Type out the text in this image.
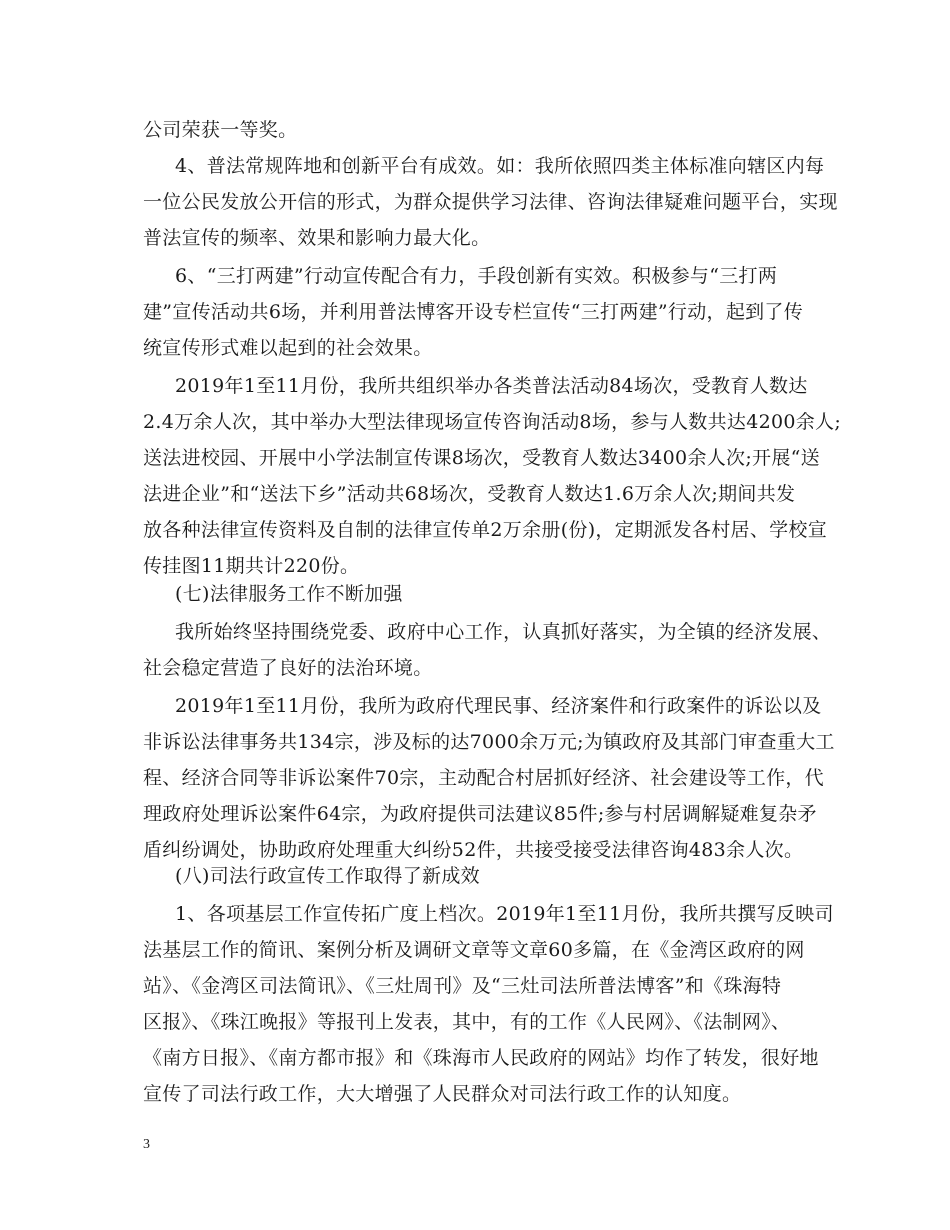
公司荣获一等奖。
4、普法常规阵地和创新平台有成效。如：我所依照四类主体标准向辖区内每
一位公民发放公开信的形式，为群众提供学习法律、咨询法律疑难问题平台，实现
普法宣传的频率、效果和影响力最大化。
6、“三打两建”行动宣传配合有力，手段创新有实效。积极参与“三打两
建”宣传活动共6场，并利用普法博客开设专栏宣传“三打两建”行动，起到了传
统宣传形式难以起到的社会效果。
2019年1至11月份，我所共组织举办各类普法活动84场次，受教育人数达
2.4万余人次，其中举办大型法律现场宣传咨询活动8场，参与人数共达4200余人;
送法进校园、开展中小学法制宣传课8场次，受教育人数达3400余人次;开展“送
法进企业”和“送法下乡”活动共68场次，受教育人数达1.6万余人次;期间共发
放各种法律宣传资料及自制的法律宣传单2万余册(份)，定期派发各村居、学校宣
传挂图11期共计220份。
(七)法律服务工作不断加强
我所始终坚持围绕党委、政府中心工作，认真抓好落实，为全镇的经济发展、
社会稳定营造了良好的法治环境。
2019年1至11月份，我所为政府代理民事、经济案件和行政案件的诉讼以及
非诉讼法律事务共134宗，涉及标的达7000余万元;为镇政府及其部门审查重大工
程、经济合同等非诉讼案件70宗，主动配合村居抓好经济、社会建设等工作，代
理政府处理诉讼案件64宗，为政府提供司法建议85件;参与村居调解疑难复杂矛
盾纠纷调处，协助政府处理重大纠纷52件，共接受接受法律咨询483余人次。
(八)司法行政宣传工作取得了新成效
1、各项基层工作宣传拓广度上档次。2019年1至11月份，我所共撰写反映司
法基层工作的简讯、案例分析及调研文章等文章60多篇，在《金湾区政府的网
站》、《金湾区司法简讯》、《三灶周刊》及“三灶司法所普法博客”和《珠海特
区报》、《珠江晚报》等报刊上发表，其中，有的工作《人民网》、《法制网》、
《南方日报》、《南方都市报》和《珠海市人民政府的网站》均作了转发，很好地
宣传了司法行政工作，大大增强了人民群众对司法行政工作的认知度。
3
